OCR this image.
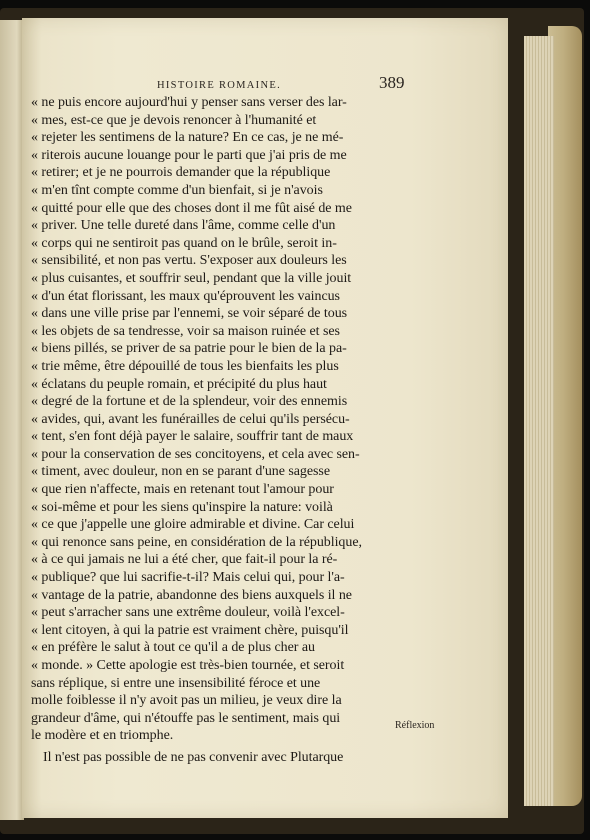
HISTOIRE ROMAINE.	389
« ne puis encore aujourd'hui y penser sans verser des lar-
« mes, est-ce que je devois renoncer à l'humanité et
« rejeter les sentimens de la nature? En ce cas, je ne mé-
« riterois aucune louange pour le parti que j'ai pris de me
« retirer; et je ne pourrois demander que la république
« m'en tînt compte comme d'un bienfait, si je n'avois
« quitté pour elle que des choses dont il me fût aisé de me
« priver. Une telle dureté dans l'âme, comme celle d'un
« corps qui ne sentiroit pas quand on le brûle, seroit in-
« sensibilité, et non pas vertu. S'exposer aux douleurs les
« plus cuisantes, et souffrir seul, pendant que la ville jouit
« d'un état florissant, les maux qu'éprouvent les vaincus
« dans une ville prise par l'ennemi, se voir séparé de tous
« les objets de sa tendresse, voir sa maison ruinée et ses
« biens pillés, se priver de sa patrie pour le bien de la pa-
« trie même, être dépouillé de tous les bienfaits les plus
« éclatans du peuple romain, et précipité du plus haut
« degré de la fortune et de la splendeur, voir des ennemis
« avides, qui, avant les funérailles de celui qu'ils persécu-
« tent, s'en font déjà payer le salaire, souffrir tant de maux
« pour la conservation de ses concitoyens, et cela avec sen-
« timent, avec douleur, non en se parant d'une sagesse
« que rien n'affecte, mais en retenant tout l'amour pour
« soi-même et pour les siens qu'inspire la nature: voilà
« ce que j'appelle une gloire admirable et divine. Car celui
« qui renonce sans peine, en considération de la république,
« à ce qui jamais ne lui a été cher, que fait-il pour la ré-
« publique? que lui sacrifie-t-il? Mais celui qui, pour l'a-
« vantage de la patrie, abandonne des biens auxquels il ne
« peut s'arracher sans une extrême douleur, voilà l'excel-
« lent citoyen, à qui la patrie est vraiment chère, puisqu'il
« en préfère le salut à tout ce qu'il a de plus cher au
« monde. » Cette apologie est très-bien tournée, et seroit
sans réplique, si entre une insensibilité féroce et une
molle foiblesse il n'y avoit pas un milieu, je veux dire la
grandeur d'âme, qui n'étouffe pas le sentiment, mais qui
le modère et en triomphe.
Il n'est pas possible de ne pas convenir avec Plutarque
Réflexion
